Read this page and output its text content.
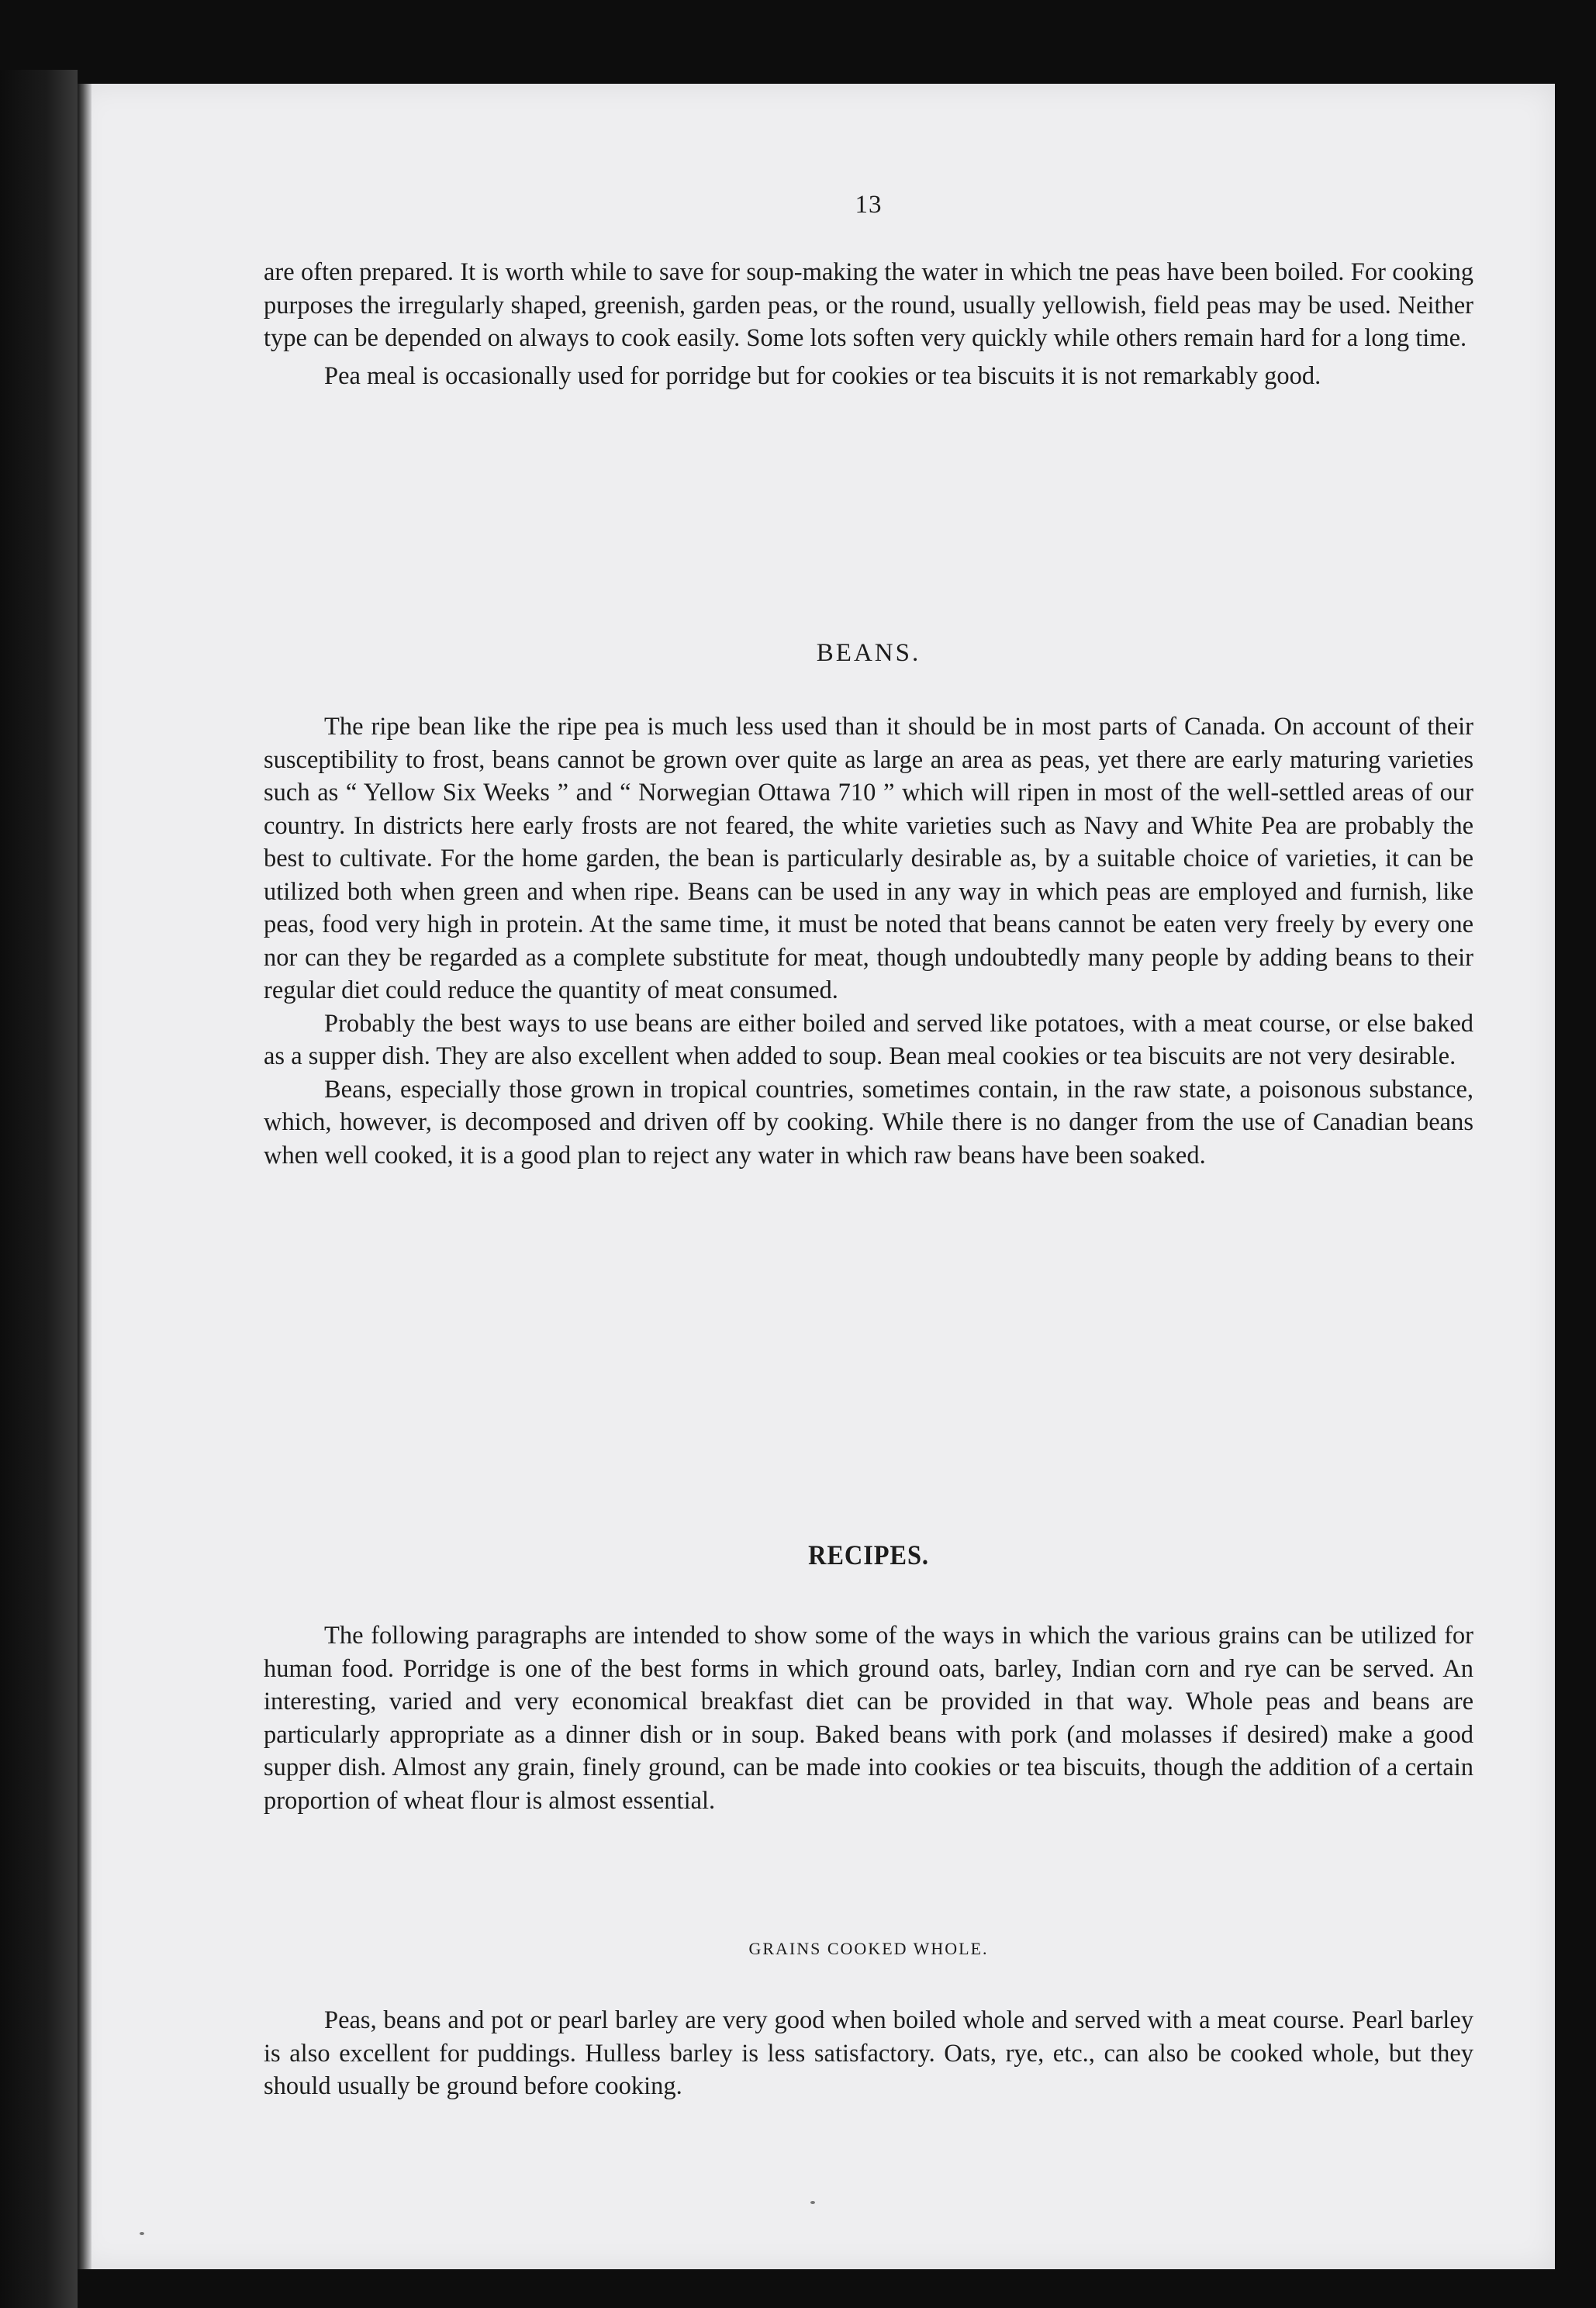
13

are often prepared. It is worth while to save for soup-making the water in which tne peas have been boiled. For cooking purposes the irregularly shaped, greenish, garden peas, or the round, usually yellowish, field peas may be used. Neither type can be depended on always to cook easily. Some lots soften very quickly while others remain hard for a long time.

Pea meal is occasionally used for porridge but for cookies or tea biscuits it is not remarkably good.

BEANS.

The ripe bean like the ripe pea is much less used than it should be in most parts of Canada. On account of their susceptibility to frost, beans cannot be grown over quite as large an area as peas, yet there are early maturing varieties such as “ Yellow Six Weeks ” and “ Norwegian Ottawa 710 ” which will ripen in most of the well-settled areas of our country. In districts here early frosts are not feared, the white varieties such as Navy and White Pea are probably the best to cultivate. For the home garden, the bean is particularly desirable as, by a suitable choice of varieties, it can be utilized both when green and when ripe. Beans can be used in any way in which peas are employed and furnish, like peas, food very high in protein. At the same time, it must be noted that beans cannot be eaten very freely by every one nor can they be regarded as a complete substitute for meat, though undoubtedly many people by adding beans to their regular diet could reduce the quantity of meat consumed.

Probably the best ways to use beans are either boiled and served like potatoes, with a meat course, or else baked as a supper dish. They are also excellent when added to soup. Bean meal cookies or tea biscuits are not very desirable.

Beans, especially those grown in tropical countries, sometimes contain, in the raw state, a poisonous substance, which, however, is decomposed and driven off by cooking. While there is no danger from the use of Canadian beans when well cooked, it is a good plan to reject any water in which raw beans have been soaked.

RECIPES.

The following paragraphs are intended to show some of the ways in which the various grains can be utilized for human food. Porridge is one of the best forms in which ground oats, barley, Indian corn and rye can be served. An interesting, varied and very economical breakfast diet can be provided in that way. Whole peas and beans are particularly appropriate as a dinner dish or in soup. Baked beans with pork (and molasses if desired) make a good supper dish. Almost any grain, finely ground, can be made into cookies or tea biscuits, though the addition of a certain proportion of wheat flour is almost essential.

GRAINS COOKED WHOLE.

Peas, beans and pot or pearl barley are very good when boiled whole and served with a meat course. Pearl barley is also excellent for puddings. Hulless barley is less satisfactory. Oats, rye, etc., can also be cooked whole, but they should usually be ground before cooking.
